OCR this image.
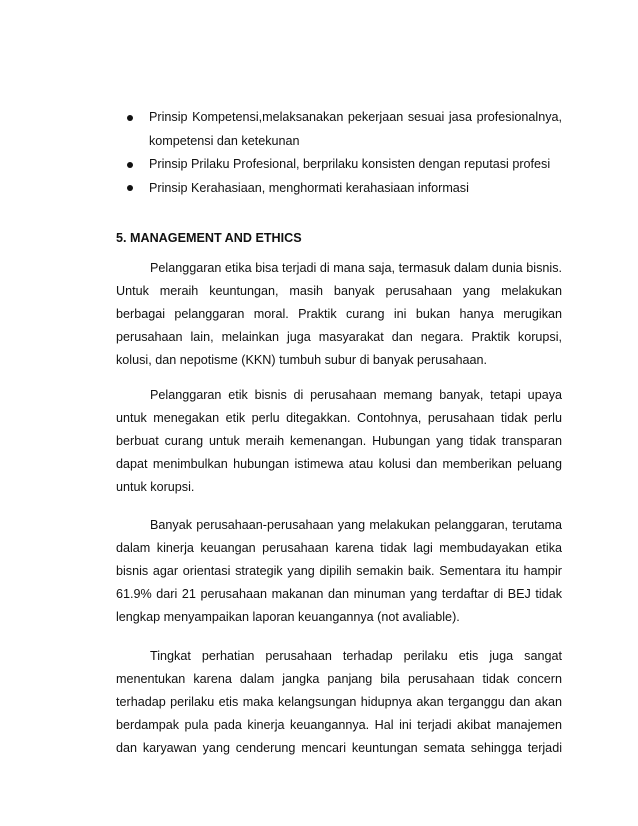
Prinsip Kompetensi,melaksanakan pekerjaan sesuai jasa profesionalnya, kompetensi dan ketekunan
Prinsip Prilaku Profesional, berprilaku konsisten dengan reputasi profesi
Prinsip Kerahasiaan, menghormati kerahasiaan informasi
5. MANAGEMENT AND ETHICS

Pelanggaran etika bisa terjadi di mana saja, termasuk dalam dunia bisnis. Untuk meraih keuntungan, masih banyak perusahaan yang melakukan berbagai pelanggaran moral. Praktik curang ini bukan hanya merugikan perusahaan lain, melainkan juga masyarakat dan negara. Praktik korupsi, kolusi, dan nepotisme (KKN) tumbuh subur di banyak perusahaan.

Pelanggaran etik bisnis di perusahaan memang banyak, tetapi upaya untuk menegakan etik perlu ditegakkan. Contohnya, perusahaan tidak perlu berbuat curang untuk meraih kemenangan. Hubungan yang tidak transparan dapat menimbulkan hubungan istimewa atau kolusi dan memberikan peluang untuk korupsi.

Banyak perusahaan-perusahaan yang melakukan pelanggaran, terutama dalam kinerja keuangan perusahaan karena tidak lagi membudayakan etika bisnis agar orientasi strategik yang dipilih semakin baik. Sementara itu hampir 61.9% dari 21 perusahaan makanan dan minuman yang terdaftar di BEJ tidak lengkap menyampaikan laporan keuangannya (not avaliable).

Tingkat perhatian perusahaan terhadap perilaku etis juga sangat menentukan karena dalam jangka panjang bila perusahaan tidak concern terhadap perilaku etis maka kelangsungan hidupnya akan terganggu dan akan berdampak pula pada kinerja keuangannya. Hal ini terjadi akibat manajemen dan karyawan yang cenderung mencari keuntungan semata sehingga terjadi
